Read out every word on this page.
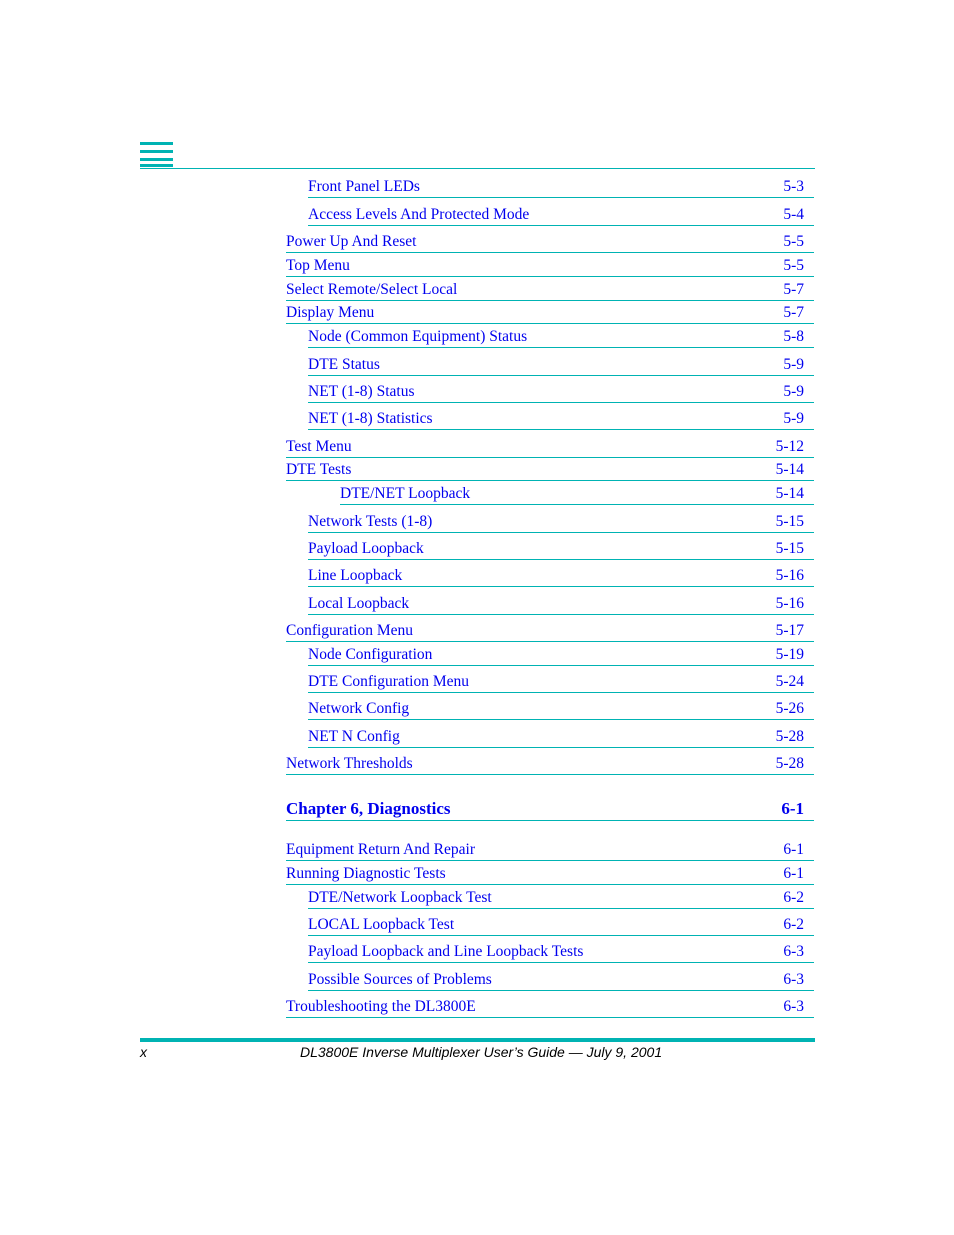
Front Panel LEDs	5-3
Access Levels And Protected Mode	5-4
Power Up And Reset	5-5
Top Menu	5-5
Select Remote/Select Local	5-7
Display Menu	5-7
Node (Common Equipment) Status	5-8
DTE Status	5-9
NET (1-8) Status	5-9
NET (1-8) Statistics	5-9
Test Menu	5-12
DTE Tests	5-14
DTE/NET Loopback	5-14
Network Tests (1-8)	5-15
Payload Loopback	5-15
Line Loopback	5-16
Local Loopback	5-16
Configuration Menu	5-17
Node Configuration	5-19
DTE Configuration Menu	5-24
Network Config	5-26
NET N Config	5-28
Network Thresholds	5-28
Chapter 6, Diagnostics	6-1
Equipment Return And Repair	6-1
Running Diagnostic Tests	6-1
DTE/Network Loopback Test	6-2
LOCAL Loopback Test	6-2
Payload Loopback and Line Loopback Tests	6-3
Possible Sources of Problems	6-3
Troubleshooting the DL3800E	6-3
x	DL3800E Inverse Multiplexer User’s Guide — July 9, 2001
